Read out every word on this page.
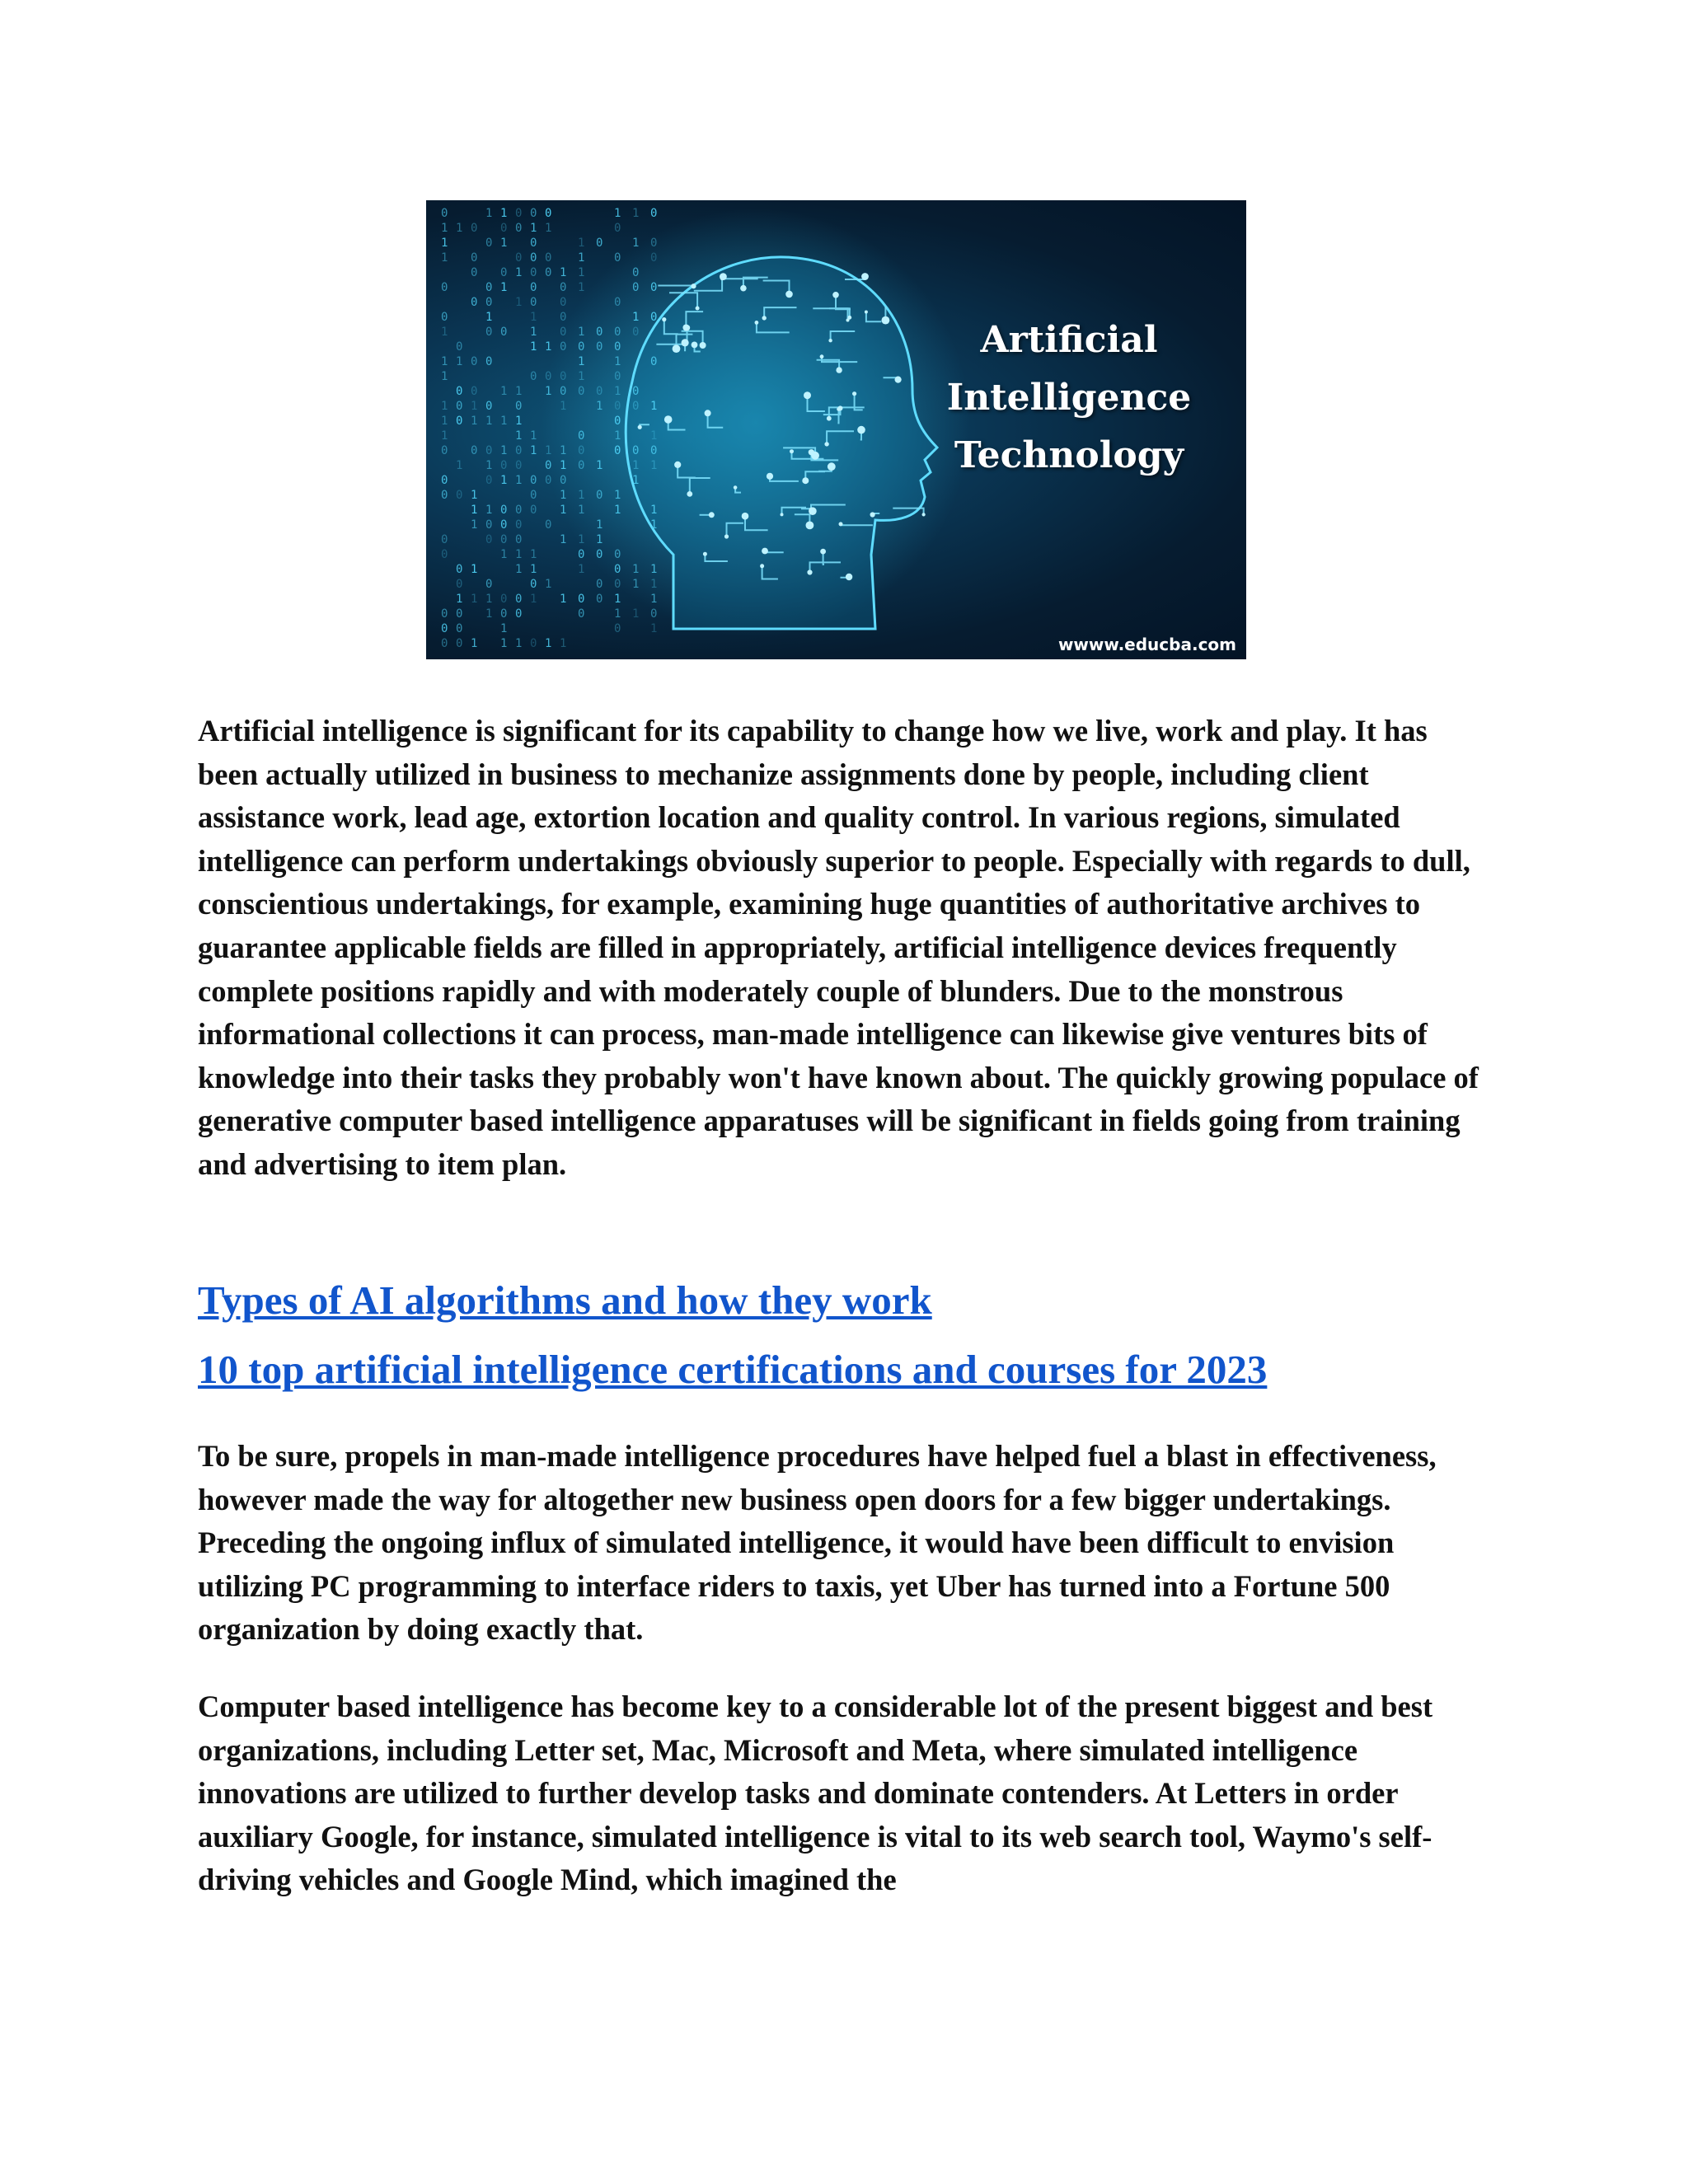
0
1
1
1
0
0
1
1
1
1
1
1
0
0
0
0
0
0
0
0
1
0
1
0
0
0
1
0
0
0
1
0
0
0
0
0
0
0
0
0
1
1
0
1
1
1
1
1
1
1
0
0
0
1
0
0
0
1
0
1
0
1
0
0
0
1
1
1
0
1
0
1
0
1
1
1
0
1
0
0
0
1
0
0
1
1
0
0
0
1
1
1
0
1
1
0
0
1
0
0
0
1
1
0
0
1
0
1
0
0
0
0
0
1
1
1
0
1
1
0
0
0
1
1
0
1
0
0
1
0
0
1
0
1
1
0
0
0
1
1
1
0
0
0
0
0
0
0
1
1
1
0
1
1
1
1
1
1
1
1
1
1
0
1
1
0
0
0
0
1
1
1
0
1
0
0
0
0
0
0
1
1
0
1
1
0
0
0
1
0
0
0
0
0
1
0
1
0
0
1
0
1
1
0
0
0
1
1
0
1
1
0
0
1
0
0
0
0
1
1
1
1
1
0
0
0
0
0
0
1
1
0
1
1
1
1
1
1
0
1
Artificial
Intelligence
Technology
wwww.educba.com

Artificial intelligence is significant for its capability to change how we live, work and play. It has been actually utilized in business to mechanize assignments done by people, including client assistance work, lead age, extortion location and quality control. In various regions, simulated intelligence can perform undertakings obviously superior to people. Especially with regards to dull, conscientious undertakings, for example, examining huge quantities of authoritative archives to guarantee applicable fields are filled in appropriately, artificial intelligence devices frequently complete positions rapidly and with moderately couple of blunders. Due to the monstrous informational collections it can process, man-made intelligence can likewise give ventures bits of knowledge into their tasks they probably won't have known about. The quickly growing populace of generative computer based intelligence apparatuses will be significant in fields going from training and advertising to item plan.

Types of AI algorithms and how they work
10 top artificial intelligence certifications and courses for 2023

To be sure, propels in man-made intelligence procedures have helped fuel a blast in effectiveness, however made the way for altogether new business open doors for a few bigger undertakings. Preceding the ongoing influx of simulated intelligence, it would have been difficult to envision utilizing PC programming to interface riders to taxis, yet Uber has turned into a Fortune 500 organization by doing exactly that.

Computer based intelligence has become key to a considerable lot of the present biggest and best organizations, including Letter set, Mac, Microsoft and Meta, where simulated intelligence innovations are utilized to further develop tasks and dominate contenders. At Letters in order auxiliary Google, for instance, simulated intelligence is vital to its web search tool, Waymo's self-driving vehicles and Google Mind, which imagined the
